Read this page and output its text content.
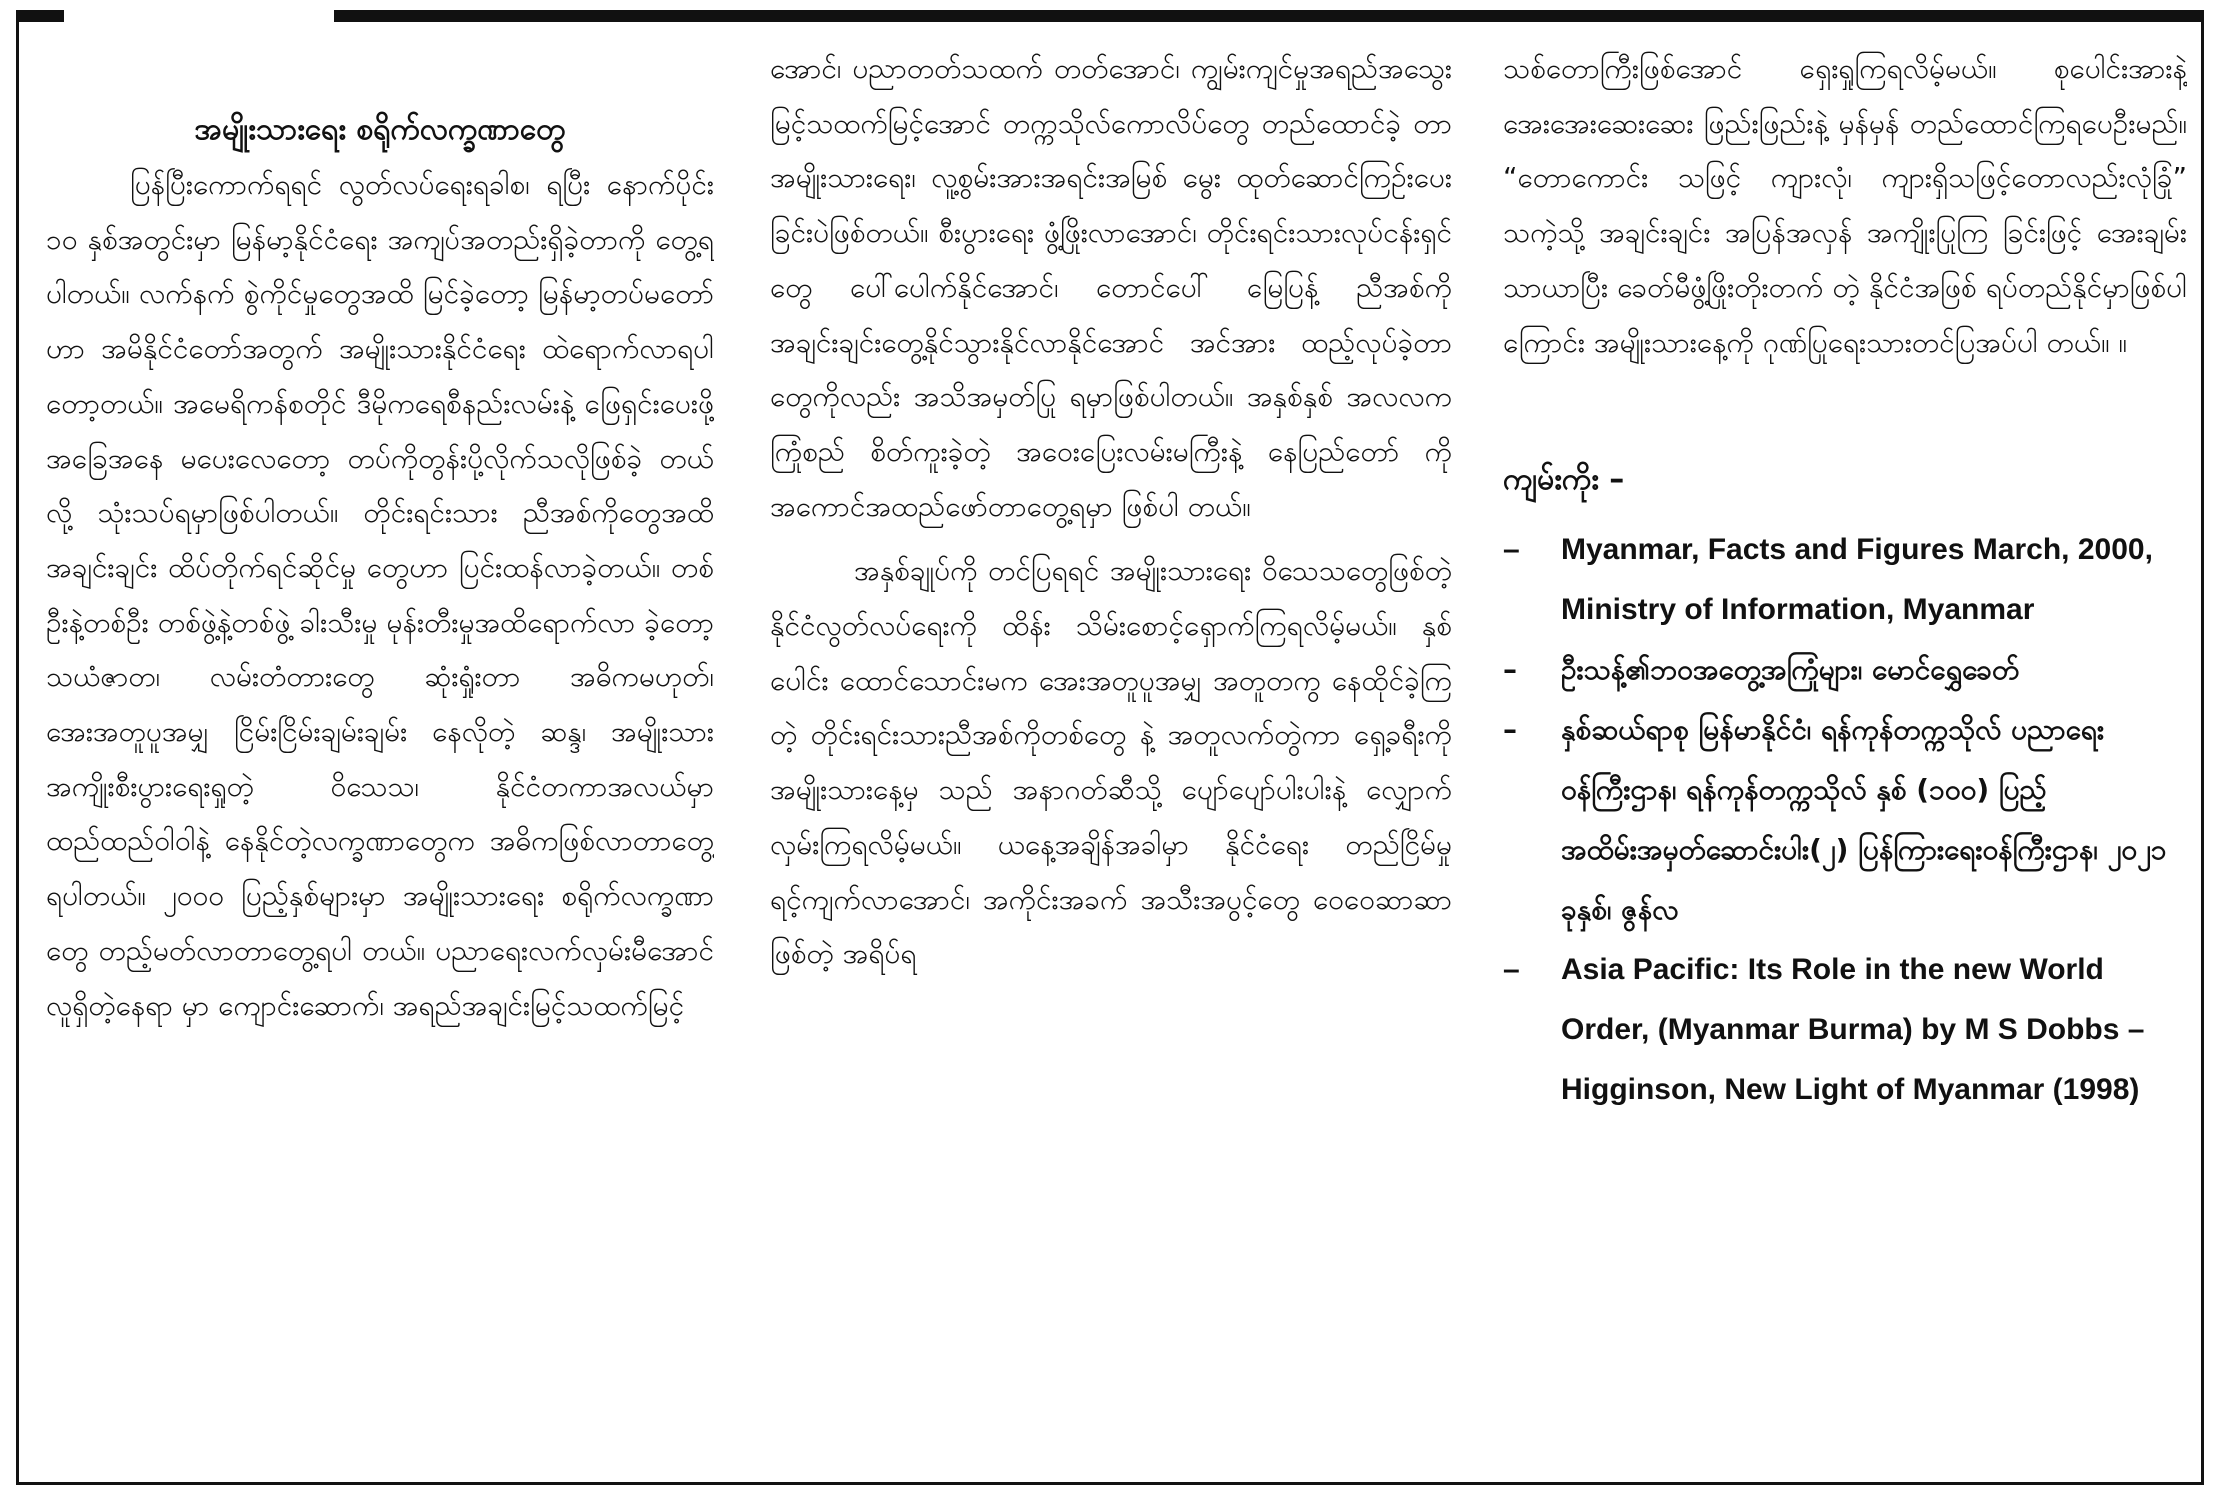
အမျိုးသားရေး စရိုက်လက္ခဏာတွေ

ပြန်ပြီးကောက်ရရင် လွတ်လပ်ရေးရခါစ၊ ရပြီး နောက်ပိုင်း ၁၀ နှစ်အတွင်းမှာ မြန်မာ့နိုင်ငံရေး အကျပ်အတည်းရှိခဲ့တာကို တွေ့ရပါတယ်။ လက်နက် စွဲကိုင်မှုတွေအထိ မြင်ခဲ့တော့ မြန်မာ့တပ်မတော် ဟာ အမိနိုင်ငံတော်အတွက် အမျိုးသားနိုင်ငံရေး ထဲရောက်လာရပါတော့တယ်။ အမေရိကန်စတိုင် ဒီမိုကရေစီနည်းလမ်းနဲ့ ဖြေရှင်းပေးဖို့ အခြေအနေ မပေးလေတော့ တပ်ကိုတွန်းပို့လိုက်သလိုဖြစ်ခဲ့ တယ်လို့ သုံးသပ်ရမှာဖြစ်ပါတယ်။ တိုင်းရင်းသား ညီအစ်ကိုတွေအထိ အချင်းချင်း ထိပ်တိုက်ရင်ဆိုင်မှု တွေဟာ ပြင်းထန်လာခဲ့တယ်။ တစ်ဦးနဲ့တစ်ဦး တစ်ဖွဲ့နဲ့တစ်ဖွဲ့ ခါးသီးမှု မုန်းတီးမှုအထိရောက်လာ ခဲ့တော့ သယံဇာတ၊ လမ်းတံတားတွေ ဆုံးရှုံးတာ အဓိကမဟုတ်၊ အေးအတူပူအမျှ ငြိမ်းငြိမ်းချမ်းချမ်း နေလိုတဲ့ ဆန္ဒ၊ အမျိုးသားအကျိုးစီးပွားရေးရှုတဲ့ ဝိသေသ၊ နိုင်ငံတကာအလယ်မှာ ထည်ထည်ဝါဝါနဲ့ နေနိုင်တဲ့လက္ခဏာတွေက အဓိကဖြစ်လာတာတွေ့ ရပါတယ်။ ၂၀၀၀ ပြည့်နှစ်များမှာ အမျိုးသားရေး စရိုက်လက္ခဏာတွေ တည့်မတ်လာတာတွေ့ရပါ တယ်။ ပညာရေးလက်လှမ်းမီအောင် လူရှိတဲ့နေရာ မှာ ကျောင်းဆောက်၊ အရည်အချင်းမြင့်သထက်မြင့်

အောင်၊ ပညာတတ်သထက် တတ်အောင်၊ ကျွမ်းကျင်မှုအရည်အသွေး မြင့်သထက်မြင့်အောင် တက္ကသိုလ်ကောလိပ်တွေ တည်ထောင်ခဲ့ တာ အမျိုးသားရေး၊ လူ့စွမ်းအားအရင်းအမြစ် မွေး ထုတ်ဆောင်ကြဉ်းပေးခြင်းပဲဖြစ်တယ်။ စီးပွားရေး ဖွံ့ဖြိုးလာအောင်၊ တိုင်းရင်းသားလုပ်ငန်းရှင်တွေ ပေါ်ပေါက်နိုင်အောင်၊ တောင်ပေါ် မြေပြန့် ညီအစ်ကို အချင်းချင်းတွေ့နိုင်သွားနိုင်လာနိုင်အောင် အင်အား ထည့်လုပ်ခဲ့တာတွေကိုလည်း အသိအမှတ်ပြု ရမှာဖြစ်ပါတယ်။ အနှစ်နှစ် အလလက ကြုံစည် စိတ်ကူးခဲ့တဲ့ အဝေးပြေးလမ်းမကြီးနဲ့ နေပြည်တော် ကို အကောင်အထည်ဖော်တာတွေ့ရမှာ ဖြစ်ပါ တယ်။

အနှစ်ချုပ်ကို တင်ပြရရင် အမျိုးသားရေး ဝိသေသတွေဖြစ်တဲ့ နိုင်ငံလွတ်လပ်ရေးကို ထိန်း သိမ်းစောင့်ရှောက်ကြရလိမ့်မယ်။ နှစ်ပေါင်း ထောင်သောင်းမက အေးအတူပူအမျှ အတူတကွ နေထိုင်ခဲ့ကြတဲ့ တိုင်းရင်းသားညီအစ်ကိုတစ်တွေ နဲ့ အတူလက်တွဲကာ ရှေ့ခရီးကို အမျိုးသားနေ့မှ သည် အနာဂတ်ဆီသို့ ပျော်ပျော်ပါးပါးနဲ့ လျှောက် လှမ်းကြရလိမ့်မယ်။ ယနေ့အချိန်အခါမှာ နိုင်ငံရေး တည်ငြိမ်မှု ရင့်ကျက်လာအောင်၊ အကိုင်းအခက် အသီးအပွင့်တွေ ဝေဝေဆာဆာဖြစ်တဲ့ အရိပ်ရ

သစ်တောကြီးဖြစ်အောင် ရှေးရှုကြရလိမ့်မယ်။ စုပေါင်းအားနဲ့ အေးအေးဆေးဆေး ဖြည်းဖြည်းနဲ့ မှန်မှန် တည်ထောင်ကြရပေဦးမည်။ “တောကောင်း သဖြင့် ကျားလုံ၊ ကျားရှိသဖြင့်တောလည်းလုံခြုံ” သကဲ့သို့ အချင်းချင်း အပြန်အလှန် အကျိုးပြုကြ ခြင်းဖြင့် အေးချမ်းသာယာပြီး ခေတ်မီဖွံ့ဖြိုးတိုးတက် တဲ့ နိုင်ငံအဖြစ် ရပ်တည်နိုင်မှာဖြစ်ပါကြောင်း အမျိုးသားနေ့ကို ဂုဏ်ပြုရေးသားတင်ပြအပ်ပါ တယ်။ ။

ကျမ်းကိုး –
– Myanmar, Facts and Figures March, 2000, Ministry of Information, Myanmar
– ဦးသန့်၏ဘဝအတွေ့အကြုံများ၊ မောင်ရွှေခေတ်
– နှစ်ဆယ်ရာစု မြန်မာနိုင်ငံ၊ ရန်ကုန်တက္ကသိုလ် ပညာရေးဝန်ကြီးဌာန၊ ရန်ကုန်တက္ကသိုလ် နှစ် (၁၀၀) ပြည့် အထိမ်းအမှတ်ဆောင်းပါး(၂) ပြန်ကြားရေးဝန်ကြီးဌာန၊ ၂၀၂၁ ခုနှစ်၊ ဇွန်လ
– Asia Pacific: Its Role in the new World Order, (Myanmar Burma) by M S Dobbs –Higginson, New Light of Myanmar (1998)
